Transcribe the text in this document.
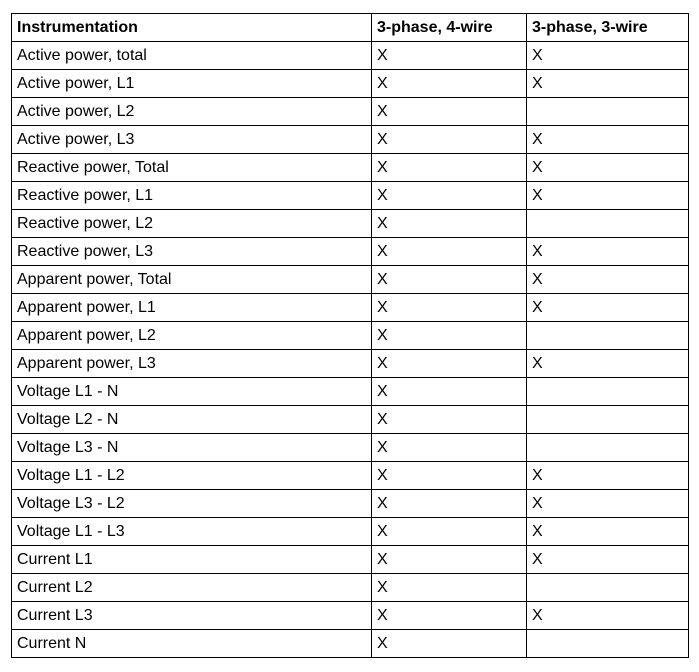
Instrumentation	3-phase, 4-wire	3-phase, 3-wire
Active power, total	X	X
Active power, L1	X	X
Active power, L2	X	
Active power, L3	X	X
Reactive power, Total	X	X
Reactive power, L1	X	X
Reactive power, L2	X	
Reactive power, L3	X	X
Apparent power, Total	X	X
Apparent power, L1	X	X
Apparent power, L2	X	
Apparent power, L3	X	X
Voltage L1 - N	X	
Voltage L2 - N	X	
Voltage L3 - N	X	
Voltage L1 - L2	X	X
Voltage L3 - L2	X	X
Voltage L1 - L3	X	X
Current L1	X	X
Current L2	X	
Current L3	X	X
Current N	X	
